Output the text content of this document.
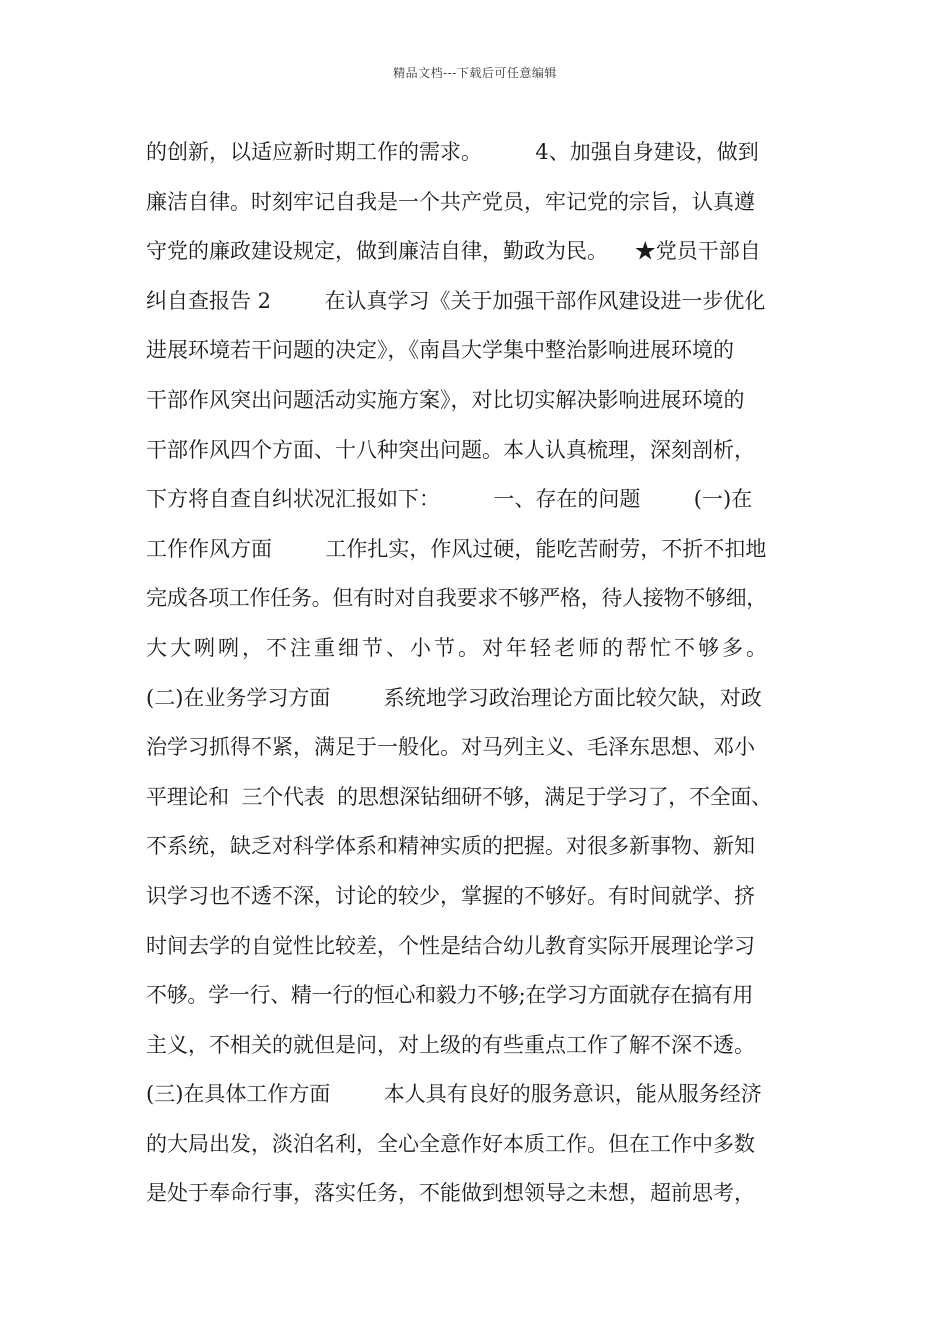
精品文档---下载后可任意编辑
的创新，以适应新时期工作的需求。        4、加强自身建设，做到
廉洁自律。时刻牢记自我是一个共产党员，牢记党的宗旨，认真遵
守党的廉政建设规定，做到廉洁自律，勤政为民。    ★党员干部自
纠自查报告 2        在认真学习《关于加强干部作风建设进一步优化
进展环境若干问题的决定》，《南昌大学集中整治影响进展环境的
干部作风突出问题活动实施方案》，对比切实解决影响进展环境的
干部作风四个方面、十八种突出问题。本人认真梳理，深刻剖析，
下方将自查自纠状况汇报如下：        一、存在的问题        (一)在
工作作风方面        工作扎实，作风过硬，能吃苦耐劳，不折不扣地
完成各项工作任务。但有时对自我要求不够严格，待人接物不够细，
大大咧咧，不注重细节、小节。对年轻老师的帮忙不够多。
(二)在业务学习方面        系统地学习政治理论方面比较欠缺，对政
治学习抓得不紧，满足于一般化。对马列主义、毛泽东思想、邓小
平理论和  三个代表  的思想深钻细研不够，满足于学习了，不全面、
不系统，缺乏对科学体系和精神实质的把握。对很多新事物、新知
识学习也不透不深，讨论的较少，掌握的不够好。有时间就学、挤
时间去学的自觉性比较差，个性是结合幼儿教育实际开展理论学习
不够。学一行、精一行的恒心和毅力不够;在学习方面就存在搞有用
主义，不相关的就但是问，对上级的有些重点工作了解不深不透。
(三)在具体工作方面        本人具有良好的服务意识，能从服务经济
的大局出发，淡泊名利，全心全意作好本质工作。但在工作中多数
是处于奉命行事，落实任务，不能做到想领导之未想，超前思考，
